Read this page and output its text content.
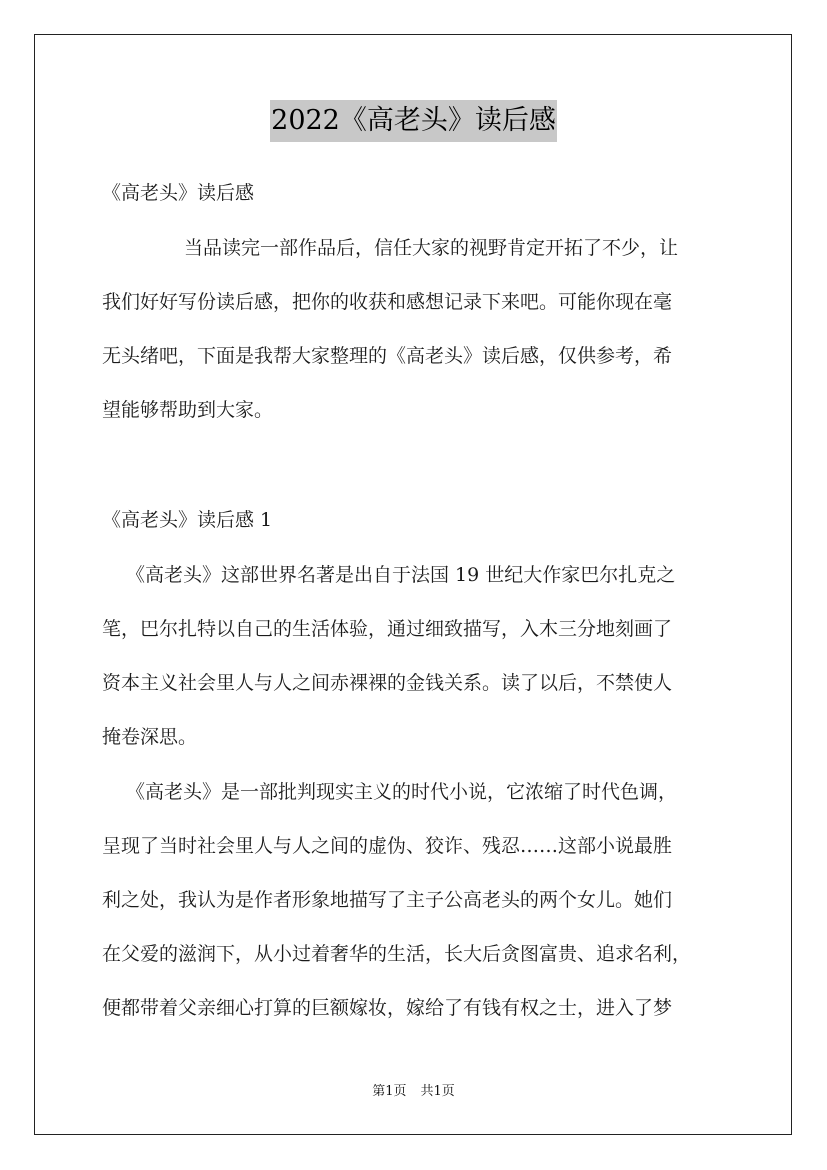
2022《高老头》读后感
《高老头》读后感
当品读完一部作品后，信任大家的视野肯定开拓了不少，让
我们好好写份读后感，把你的收获和感想记录下来吧。可能你现在毫
无头绪吧，下面是我帮大家整理的《高老头》读后感，仅供参考，希
望能够帮助到大家。
《高老头》读后感 1
《高老头》这部世界名著是出自于法国 19 世纪大作家巴尔扎克之
笔，巴尔扎特以自己的生活体验，通过细致描写，入木三分地刻画了
资本主义社会里人与人之间赤裸裸的金钱关系。读了以后，不禁使人
掩卷深思。
《高老头》是一部批判现实主义的时代小说，它浓缩了时代色调，
呈现了当时社会里人与人之间的虚伪、狡诈、残忍……这部小说最胜
利之处，我认为是作者形象地描写了主子公高老头的两个女儿。她们
在父爱的滋润下，从小过着奢华的生活，长大后贪图富贵、追求名利，
便都带着父亲细心打算的巨额嫁妆，嫁给了有钱有权之士，进入了梦
第1页 共1页
